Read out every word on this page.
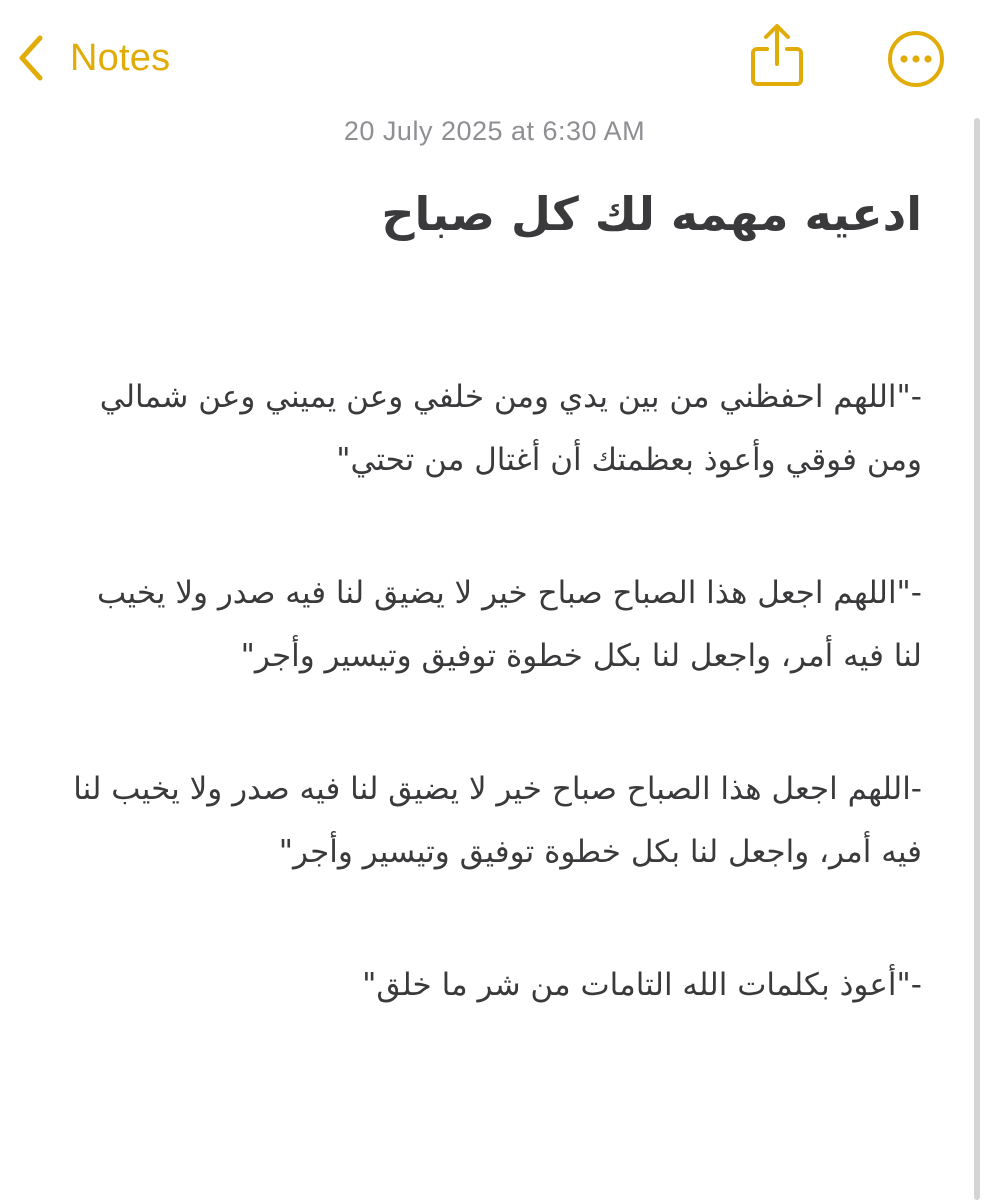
Notes
20 July 2025 at 6:30 AM
ادعيه مهمه لك كل صباح

-"اللهم احفظني من بين يدي ومن خلفي وعن يميني وعن شمالي ومن فوقي وأعوذ بعظمتك أن أغتال من تحتي"

-"اللهم اجعل هذا الصباح صباح خير لا يضيق لنا فيه صدر ولا يخيب لنا فيه أمر، واجعل لنا بكل خطوة توفيق وتيسير وأجر"

-اللهم اجعل هذا الصباح صباح خير لا يضيق لنا فيه صدر ولا يخيب لنا فيه أمر، واجعل لنا بكل خطوة توفيق وتيسير وأجر"

-"أعوذ بكلمات الله التامات من شر ما خلق"
